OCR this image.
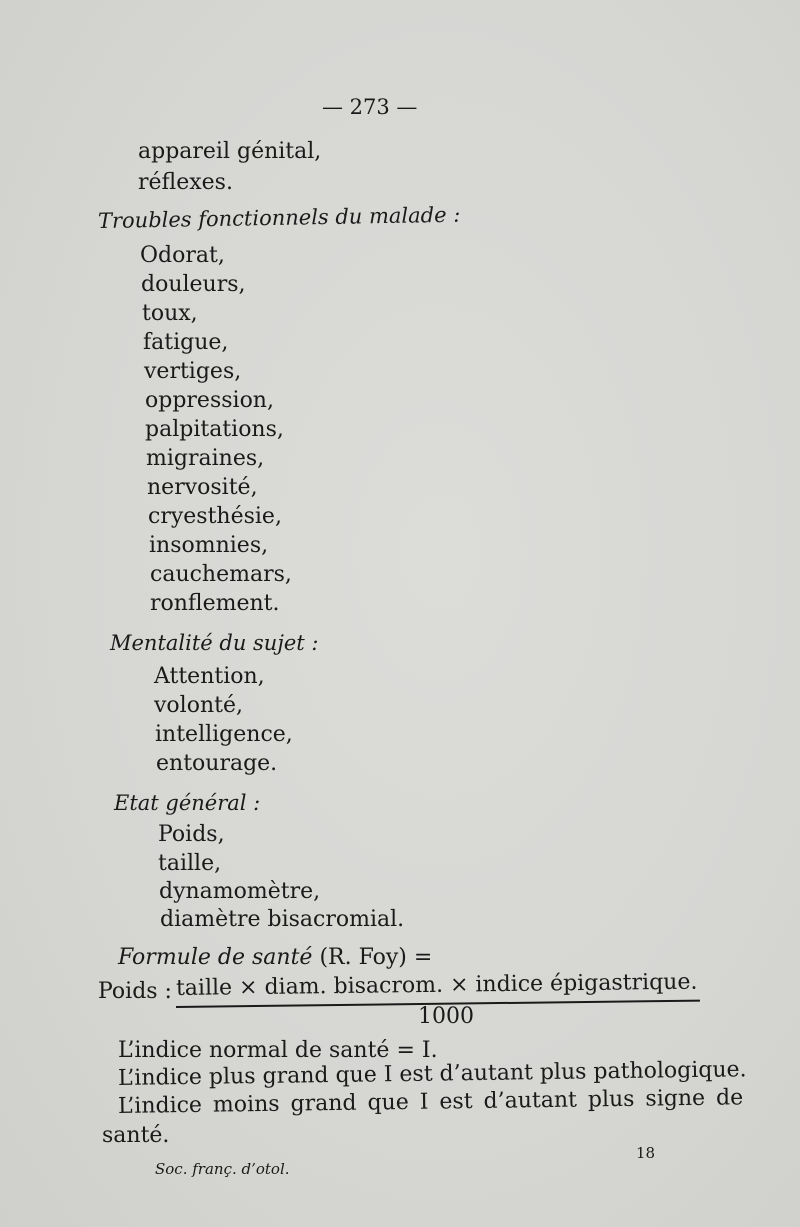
— 273 —
appareil génital,
réflexes.
Troubles fonctionnels du malade :
Odorat,
douleurs,
toux,
fatigue,
vertiges,
oppression,
palpitations,
migraines,
nervosité,
cryesthésie,
insomnies,
cauchemars,
ronflement.
Mentalité du sujet :
Attention,
volonté,
intelligence,
entourage.
Etat général :
Poids,
taille,
dynamomètre,
diamètre bisacromial.
Formule de santé (R. Foy) =
Poids : taille × diam. bisacrom. × indice épigastrique.
1000
L’indice normal de santé = I.
L’indice plus grand que I est d’autant plus pathologique.
L’indice moins grand que I est d’autant plus signe de
santé.
18
Soc. franç. d’otol.
